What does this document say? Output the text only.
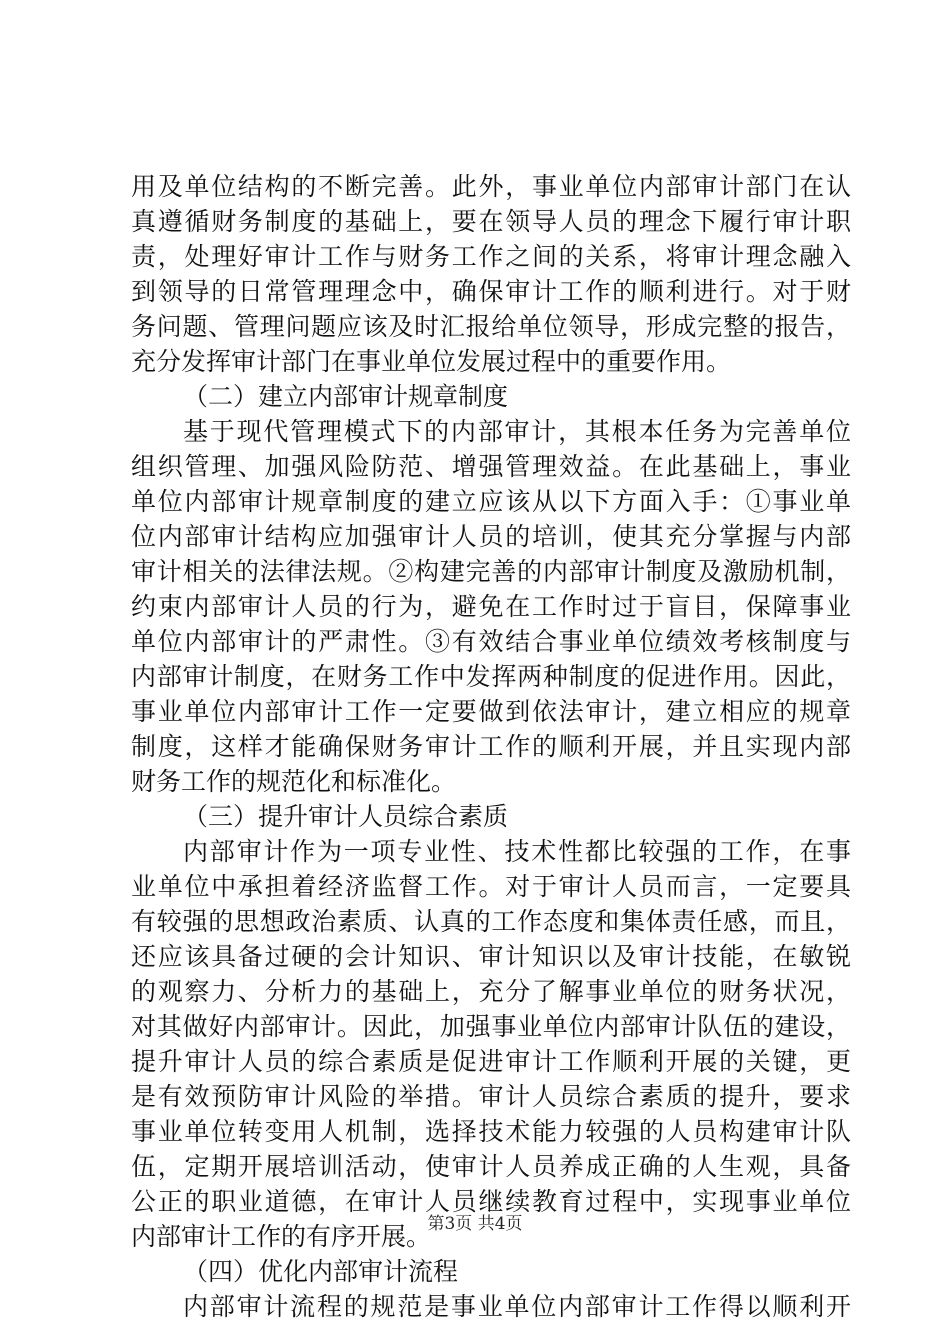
用及单位结构的不断完善。此外，事业单位内部审计部门在认
真遵循财务制度的基础上，要在领导人员的理念下履行审计职
责，处理好审计工作与财务工作之间的关系，将审计理念融入
到领导的日常管理理念中，确保审计工作的顺利进行。对于财
务问题、管理问题应该及时汇报给单位领导，形成完整的报告，
充分发挥审计部门在事业单位发展过程中的重要作用。
（二）建立内部审计规章制度
基于现代管理模式下的内部审计，其根本任务为完善单位
组织管理、加强风险防范、增强管理效益。在此基础上，事业
单位内部审计规章制度的建立应该从以下方面入手：①事业单
位内部审计结构应加强审计人员的培训，使其充分掌握与内部
审计相关的法律法规。②构建完善的内部审计制度及激励机制，
约束内部审计人员的行为，避免在工作时过于盲目，保障事业
单位内部审计的严肃性。③有效结合事业单位绩效考核制度与
内部审计制度，在财务工作中发挥两种制度的促进作用。因此，
事业单位内部审计工作一定要做到依法审计，建立相应的规章
制度，这样才能确保财务审计工作的顺利开展，并且实现内部
财务工作的规范化和标准化。
（三）提升审计人员综合素质
内部审计作为一项专业性、技术性都比较强的工作，在事
业单位中承担着经济监督工作。对于审计人员而言，一定要具
有较强的思想政治素质、认真的工作态度和集体责任感，而且，
还应该具备过硬的会计知识、审计知识以及审计技能，在敏锐
的观察力、分析力的基础上，充分了解事业单位的财务状况，
对其做好内部审计。因此，加强事业单位内部审计队伍的建设，
提升审计人员的综合素质是促进审计工作顺利开展的关键，更
是有效预防审计风险的举措。审计人员综合素质的提升，要求
事业单位转变用人机制，选择技术能力较强的人员构建审计队
伍，定期开展培训活动，使审计人员养成正确的人生观，具备
公正的职业道德，在审计人员继续教育过程中，实现事业单位
内部审计工作的有序开展。
（四）优化内部审计流程
内部审计流程的规范是事业单位内部审计工作得以顺利开
第3页 共4页
